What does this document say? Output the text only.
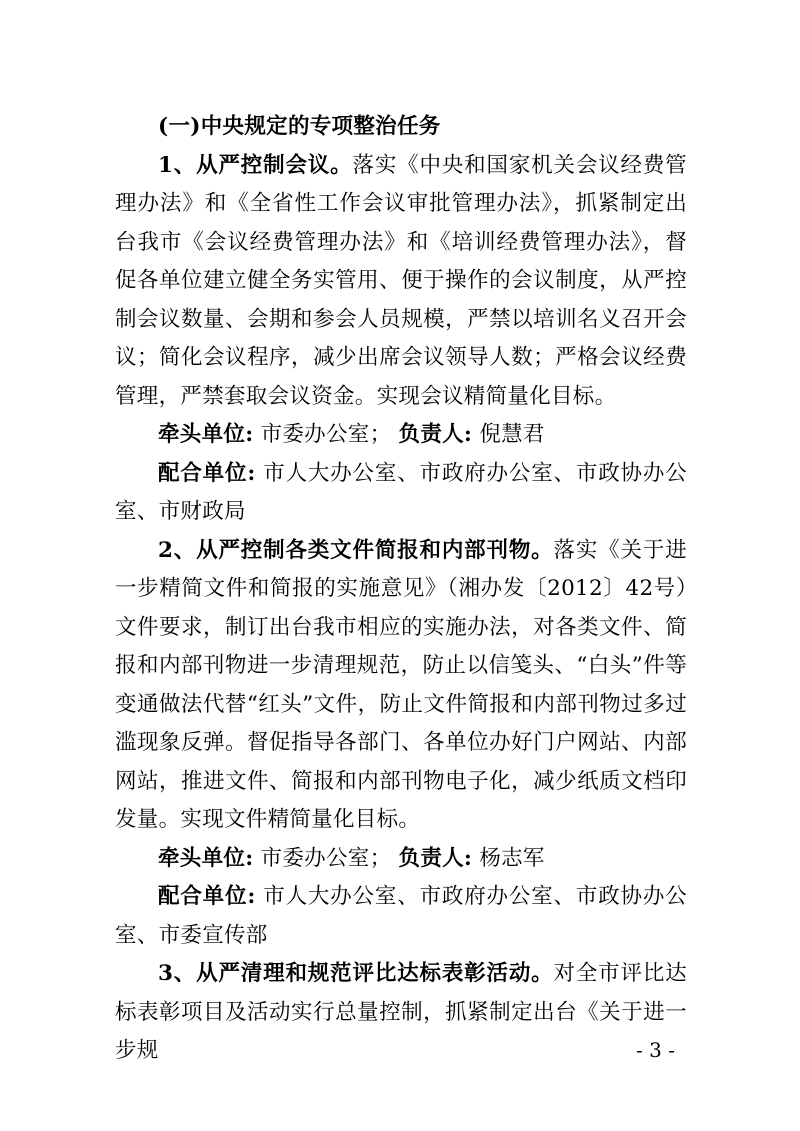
(一)中央规定的专项整治任务

1、从严控制会议。落实《中央和国家机关会议经费管理办法》和《全省性工作会议审批管理办法》，抓紧制定出台我市《会议经费管理办法》和《培训经费管理办法》，督促各单位建立健全务实管用、便于操作的会议制度，从严控制会议数量、会期和参会人员规模，严禁以培训名义召开会议；简化会议程序，减少出席会议领导人数；严格会议经费管理，严禁套取会议资金。实现会议精简量化目标。

牵头单位: 市委办公室； 负责人: 倪慧君

配合单位: 市人大办公室、市政府办公室、市政协办公室、市财政局

2、从严控制各类文件简报和内部刊物。落实《关于进一步精简文件和简报的实施意见》（湘办发〔2012〕42号）文件要求，制订出台我市相应的实施办法，对各类文件、简报和内部刊物进一步清理规范，防止以信笺头、“白头”件等变通做法代替“红头”文件，防止文件简报和内部刊物过多过滥现象反弹。督促指导各部门、各单位办好门户网站、内部网站，推进文件、简报和内部刊物电子化，减少纸质文档印发量。实现文件精简量化目标。

牵头单位: 市委办公室； 负责人: 杨志军

配合单位: 市人大办公室、市政府办公室、市政协办公室、市委宣传部

3、从严清理和规范评比达标表彰活动。对全市评比达标表彰项目及活动实行总量控制，抓紧制定出台《关于进一步规	- 3 -
